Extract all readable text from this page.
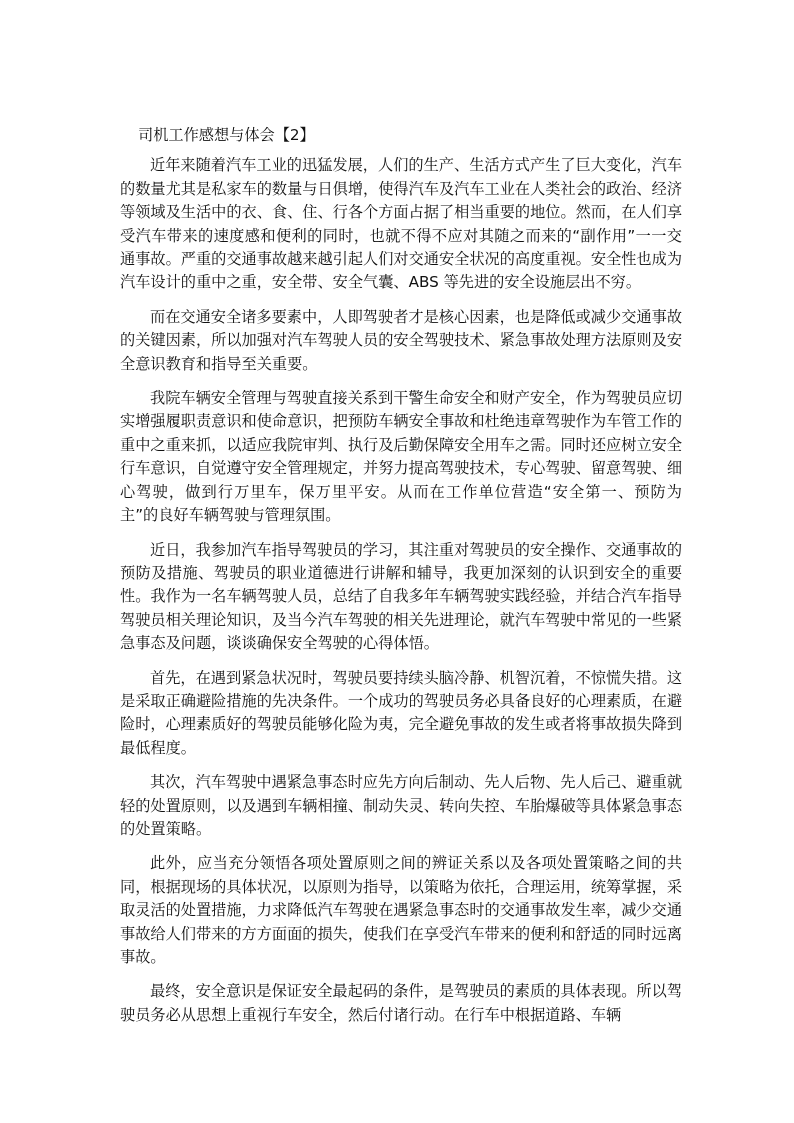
司机工作感想与体会【2】

近年来随着汽车工业的迅猛发展，人们的生产、生活方式产生了巨大变化，汽车的数量尤其是私家车的数量与日俱增，使得汽车及汽车工业在人类社会的政治、经济等领域及生活中的衣、食、住、行各个方面占据了相当重要的地位。然而，在人们享受汽车带来的速度感和便利的同时，也就不得不应对其随之而来的“副作用”一一交通事故。严重的交通事故越来越引起人们对交通安全状况的高度重视。安全性也成为汽车设计的重中之重，安全带、安全气囊、ABS 等先进的安全设施层出不穷。

而在交通安全诸多要素中，人即驾驶者才是核心因素，也是降低或减少交通事故的关键因素，所以加强对汽车驾驶人员的安全驾驶技术、紧急事故处理方法原则及安全意识教育和指导至关重要。

我院车辆安全管理与驾驶直接关系到干警生命安全和财产安全，作为驾驶员应切实增强履职责意识和使命意识，把预防车辆安全事故和杜绝违章驾驶作为车管工作的重中之重来抓，以适应我院审判、执行及后勤保障安全用车之需。同时还应树立安全行车意识，自觉遵守安全管理规定，并努力提高驾驶技术，专心驾驶、留意驾驶、细心驾驶，做到行万里车，保万里平安。从而在工作单位营造“安全第一、预防为主”的良好车辆驾驶与管理氛围。

近日，我参加汽车指导驾驶员的学习，其注重对驾驶员的安全操作、交通事故的预防及措施、驾驶员的职业道德进行讲解和辅导，我更加深刻的认识到安全的重要性。我作为一名车辆驾驶人员，总结了自我多年车辆驾驶实践经验，并结合汽车指导驾驶员相关理论知识，及当今汽车驾驶的相关先进理论，就汽车驾驶中常见的一些紧急事态及问题，谈谈确保安全驾驶的心得体悟。

首先，在遇到紧急状况时，驾驶员要持续头脑冷静、机智沉着，不惊慌失措。这是采取正确避险措施的先决条件。一个成功的驾驶员务必具备良好的心理素质，在避险时，心理素质好的驾驶员能够化险为夷，完全避免事故的发生或者将事故损失降到最低程度。

其次，汽车驾驶中遇紧急事态时应先方向后制动、先人后物、先人后己、避重就轻的处置原则，以及遇到车辆相撞、制动失灵、转向失控、车胎爆破等具体紧急事态的处置策略。

此外，应当充分领悟各项处置原则之间的辨证关系以及各项处置策略之间的共同，根据现场的具体状况，以原则为指导，以策略为依托，合理运用，统筹掌握，采取灵活的处置措施，力求降低汽车驾驶在遇紧急事态时的交通事故发生率，减少交通事故给人们带来的方方面面的损失，使我们在享受汽车带来的便利和舒适的同时远离事故。

最终，安全意识是保证安全最起码的条件，是驾驶员的素质的具体表现。所以驾驶员务必从思想上重视行车安全，然后付诸行动。在行车中根据道路、车辆
